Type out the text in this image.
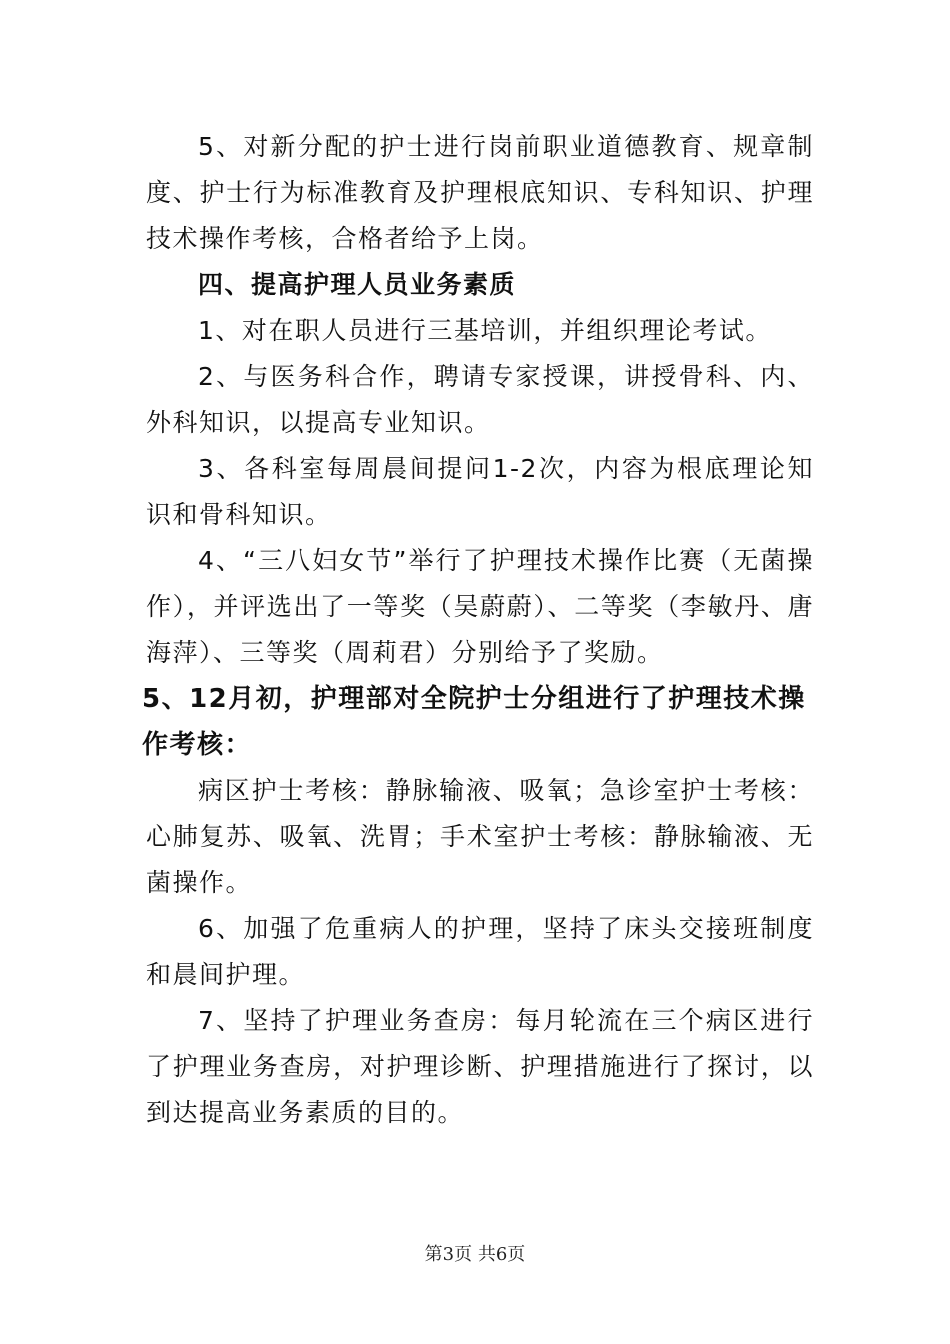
5、对新分配的护士进行岗前职业道德教育、规章制度、护士行为标准教育及护理根底知识、专科知识、护理技术操作考核，合格者给予上岗。

四、提高护理人员业务素质

1、对在职人员进行三基培训，并组织理论考试。

2、与医务科合作，聘请专家授课，讲授骨科、内、外科知识，以提高专业知识。

3、各科室每周晨间提问1-2次，内容为根底理论知识和骨科知识。

4、“三八妇女节”举行了护理技术操作比赛（无菌操作），并评选出了一等奖（吴蔚蔚）、二等奖（李敏丹、唐海萍）、三等奖（周莉君）分别给予了奖励。

5、12月初，护理部对全院护士分组进行了护理技术操作考核：

病区护士考核：静脉输液、吸氧；急诊室护士考核：心肺复苏、吸氧、洗胃；手术室护士考核：静脉输液、无菌操作。

6、加强了危重病人的护理，坚持了床头交接班制度和晨间护理。

7、坚持了护理业务查房：每月轮流在三个病区进行了护理业务查房，对护理诊断、护理措施进行了探讨，以到达提高业务素质的目的。

第3页 共6页
